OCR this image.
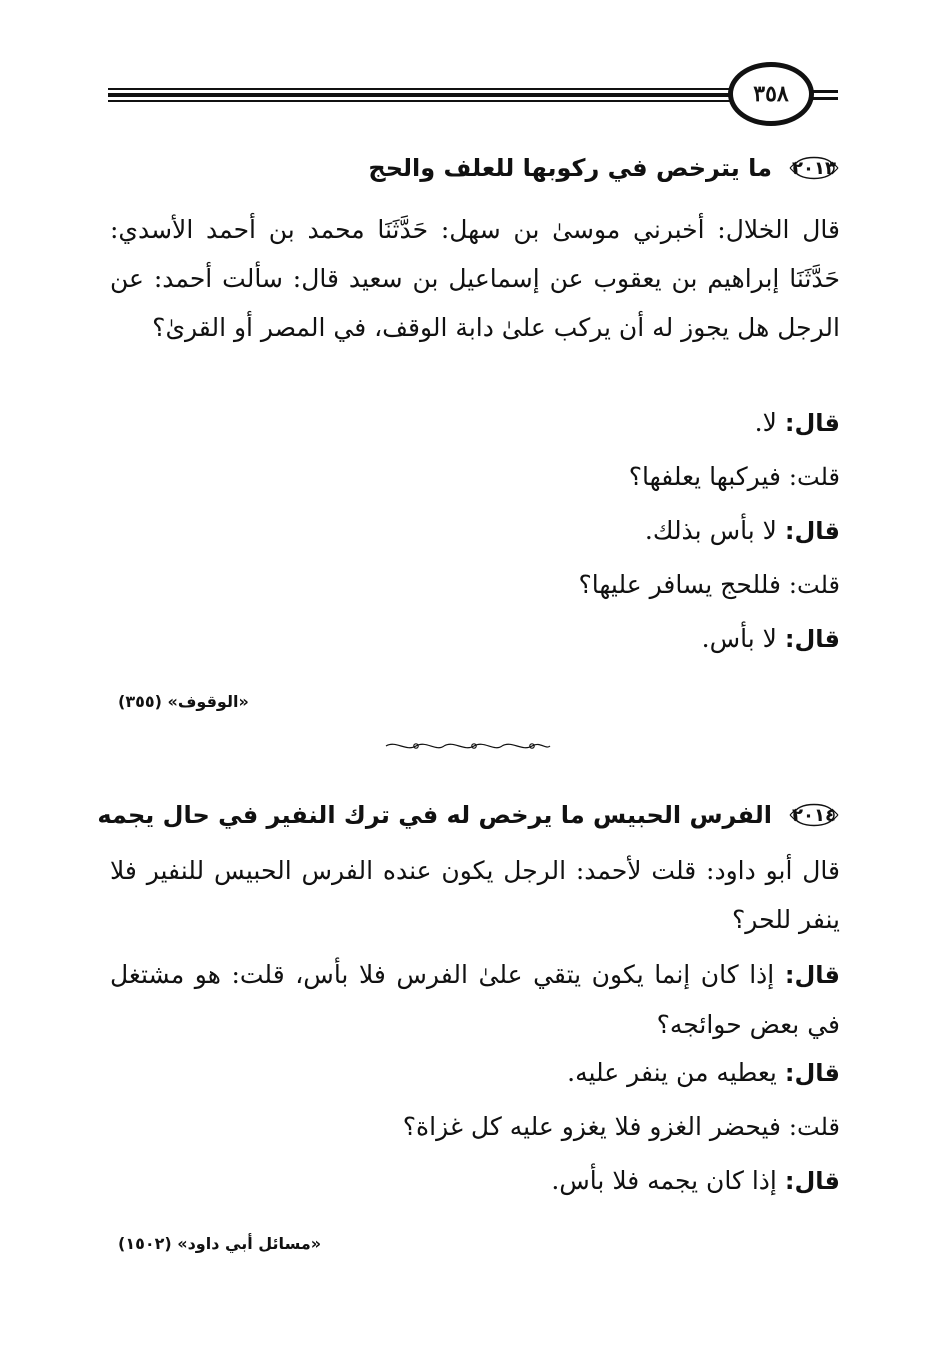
٣٥٨
٢٠١٣
ما يترخص في ركوبها للعلف والحج
قال الخلال: أخبرني موسىٰ بن سهل: حَدَّثَنَا محمد بن أحمد الأسدي: حَدَّثَنَا إبراهيم بن يعقوب عن إسماعيل بن سعيد قال: سألت أحمد: عن الرجل هل يجوز له أن يركب علىٰ دابة الوقف، في المصر أو القرىٰ؟
قال: لا.
قلت: فيركبها يعلفها؟
قال: لا بأس بذلك.
قلت: فللحج يسافر عليها؟
قال: لا بأس.
«الوقوف» (٣٥٥)
٢٠١٤
الفرس الحبيس ما يرخص له في ترك النفير في حال يجمه
قال أبو داود: قلت لأحمد: الرجل يكون عنده الفرس الحبيس للنفير فلا ينفر للحر؟
قال: إذا كان إنما يكون يتقي علىٰ الفرس فلا بأس، قلت: هو مشتغل في بعض حوائجه؟
قال: يعطيه من ينفر عليه.
قلت: فيحضر الغزو فلا يغزو عليه كل غزاة؟
قال: إذا كان يجمه فلا بأس.
«مسائل أبي داود» (١٥٠٢)
